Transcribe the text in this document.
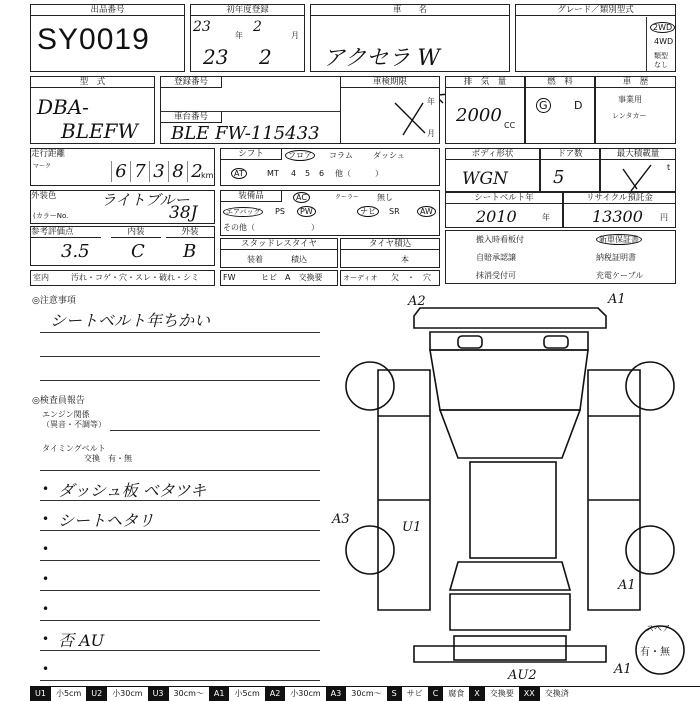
出品番号
SY0019
初年度登録
23
年
2
月
23 2
車　　名
アクセラ W
グレード／類別型式
2WD
4WD
類型
なし
型　式
DBA-
BLEFW
登録番号
車台番号
BLE FW-115433
車検期限
年
月
排　気　量
2000 CC
燃　料
G D
車　歴
事業用
レンタカー
走行距離
マーク	6 7 3 8 2
km
シフト	フロア	コラム	ダッシュ
AT	MT 4 5 6 他（　　　）
ボディ形状
WGN
ドア数
5
最大積載量
t
外装色	ライトブルー
(カラーNo.	38J
装備品	AC	クーラー 無し
エアバッグ	PS	PW	ナビ	SR	AW
その他（　　　　　　　）
シートベルト年
2010	年
リサイクル預託金
13300 円
参考評価点	内装	外装
3.5 C B	スタッドレスタイヤ
装着	積込
タイヤ積込
本
搬入時看板付	新車保証書
自賠承認譲	納税証明書
抹消受付可	充電ケーブル
室内	汚れ・コゲ・穴・スレ・破れ・シミ	FW	ヒビ　A　交換要	オーディオ 欠　・　穴
◎注意事項
シートベルト年ちかい
◎検査員報告
エンジン関係
（異音・不調等）
タイミングベルト
交換　有・無
• ダッシュ板 ベタツキ
• シートヘタリ
•
•
•
• 否 AU
•
A2	A1
A3
U1
A1
AU2	A1
スペア
有・無
U1	小5cm	U2	小30cm	U3	30cm～	A1	小5cm	A2	小30cm	A3	30cm～	S	サビ	C	腐食	X	交換要	XX	交換済
